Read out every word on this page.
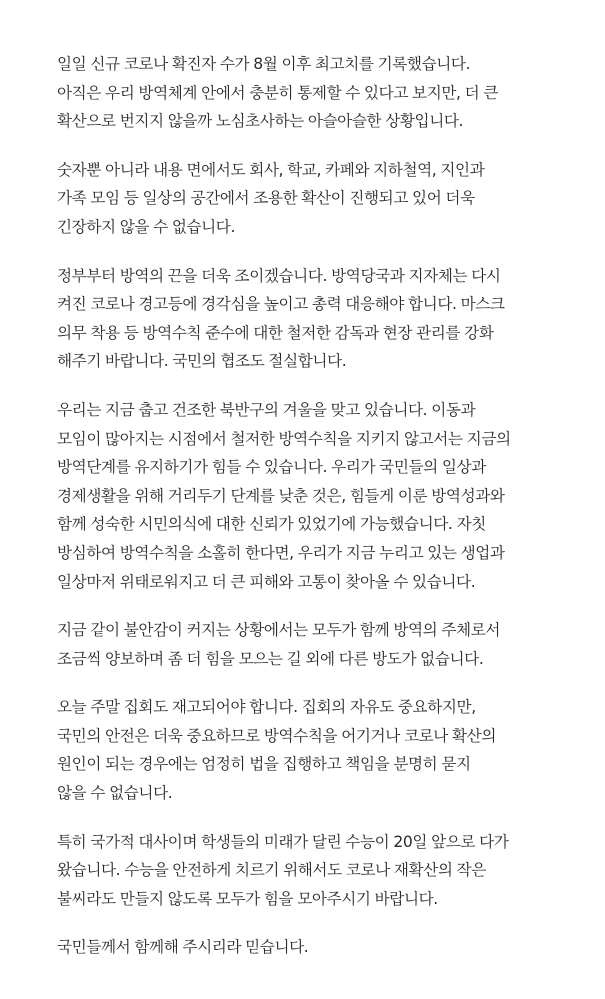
일일 신규 코로나 확진자 수가 8월 이후 최고치를 기록했습니다.
아직은 우리 방역체계 안에서 충분히 통제할 수 있다고 보지만, 더 큰
확산으로 번지지 않을까 노심초사하는 아슬아슬한 상황입니다.
숫자뿐 아니라 내용 면에서도 회사, 학교, 카페와 지하철역, 지인과
가족 모임 등 일상의 공간에서 조용한 확산이 진행되고 있어 더욱
긴장하지 않을 수 없습니다.
정부부터 방역의 끈을 더욱 조이겠습니다. 방역당국과 지자체는 다시
켜진 코로나 경고등에 경각심을 높이고 총력 대응해야 합니다. 마스크
의무 착용 등 방역수칙 준수에 대한 철저한 감독과 현장 관리를 강화
해주기 바랍니다. 국민의 협조도 절실합니다.
우리는 지금 춥고 건조한 북반구의 겨울을 맞고 있습니다. 이동과
모임이 많아지는 시점에서 철저한 방역수칙을 지키지 않고서는 지금의
방역단계를 유지하기가 힘들 수 있습니다. 우리가 국민들의 일상과
경제생활을 위해 거리두기 단계를 낮춘 것은, 힘들게 이룬 방역성과와
함께 성숙한 시민의식에 대한 신뢰가 있었기에 가능했습니다. 자칫
방심하여 방역수칙을 소홀히 한다면, 우리가 지금 누리고 있는 생업과
일상마저 위태로워지고 더 큰 피해와 고통이 찾아올 수 있습니다.
지금 같이 불안감이 커지는 상황에서는 모두가 함께 방역의 주체로서
조금씩 양보하며 좀 더 힘을 모으는 길 외에 다른 방도가 없습니다.
오늘 주말 집회도 재고되어야 합니다. 집회의 자유도 중요하지만,
국민의 안전은 더욱 중요하므로 방역수칙을 어기거나 코로나 확산의
원인이 되는 경우에는 엄정히 법을 집행하고 책임을 분명히 묻지
않을 수 없습니다.
특히 국가적 대사이며 학생들의 미래가 달린 수능이 20일 앞으로 다가
왔습니다. 수능을 안전하게 치르기 위해서도 코로나 재확산의 작은
불씨라도 만들지 않도록 모두가 힘을 모아주시기 바랍니다.
국민들께서 함께해 주시리라 믿습니다.
